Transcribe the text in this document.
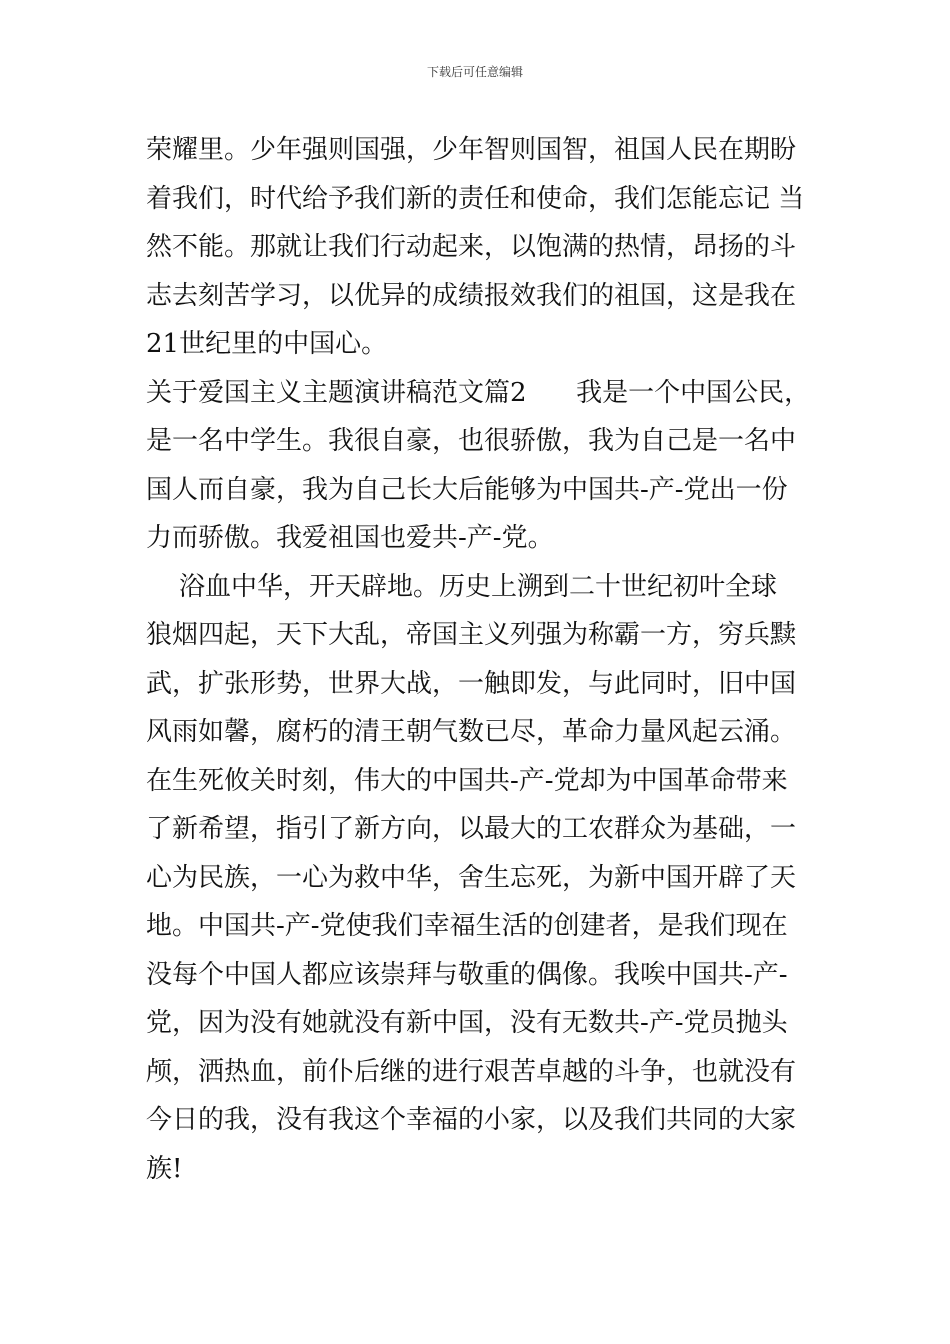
下载后可任意编辑
荣耀里。少年强则国强，少年智则国智，祖国人民在期盼
着我们，时代给予我们新的责任和使命，我们怎能忘记 当
然不能。那就让我们行动起来，以饱满的热情，昂扬的斗
志去刻苦学习，以优异的成绩报效我们的祖国，这是我在
21世纪里的中国心。
关于爱国主义主题演讲稿范文篇2      我是一个中国公民，
是一名中学生。我很自豪，也很骄傲，我为自己是一名中
国人而自豪，我为自己长大后能够为中国共-产-党出一份
力而骄傲。我爱祖国也爱共-产-党。
浴血中华，开天辟地。历史上溯到二十世纪初叶全球
狼烟四起，天下大乱，帝国主义列强为称霸一方，穷兵黩
武，扩张形势，世界大战，一触即发，与此同时，旧中国
风雨如馨，腐朽的清王朝气数已尽，革命力量风起云涌。
在生死攸关时刻，伟大的中国共-产-党却为中国革命带来
了新希望，指引了新方向，以最大的工农群众为基础，一
心为民族，一心为救中华，舍生忘死，为新中国开辟了天
地。中国共-产-党使我们幸福生活的创建者，是我们现在
没每个中国人都应该崇拜与敬重的偶像。我唉中国共-产-
党，因为没有她就没有新中国，没有无数共-产-党员抛头
颅，洒热血，前仆后继的进行艰苦卓越的斗争，也就没有
今日的我，没有我这个幸福的小家，以及我们共同的大家
族!
